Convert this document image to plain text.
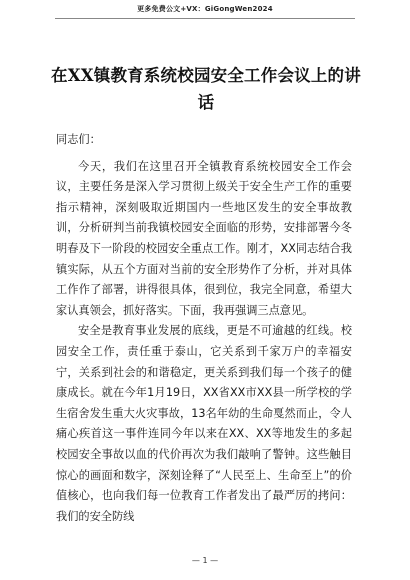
更多免费公文+VX：GiGongWen2024
在XX镇教育系统校园安全工作会议上的讲话

同志们：

今天，我们在这里召开全镇教育系统校园安全工作会议，主要任务是深入学习贯彻上级关于安全生产工作的重要指示精神，深刻吸取近期国内一些地区发生的安全事故教训，分析研判当前我镇校园安全面临的形势，安排部署今冬明春及下一阶段的校园安全重点工作。刚才，XX同志结合我镇实际，从五个方面对当前的安全形势作了分析，并对具体工作作了部署，讲得很具体，很到位，我完全同意，希望大家认真领会，抓好落实。下面，我再强调三点意见。

安全是教育事业发展的底线，更是不可逾越的红线。校园安全工作，责任重于泰山，它关系到千家万户的幸福安宁，关系到社会的和谐稳定，更关系到我们每一个孩子的健康成长。就在今年1月19日，XX省XX市XX县一所学校的学生宿舍发生重大火灾事故，13名年幼的生命戛然而止，令人痛心疾首这一事件连同今年以来在XX、XX等地发生的多起校园安全事故以血的代价再次为我们敲响了警钟。这些触目惊心的画面和数字，深刻诠释了“人民至上、生命至上”的价值核心，也向我们每一位教育工作者发出了最严厉的拷问：我们的安全防线

— 1 —
